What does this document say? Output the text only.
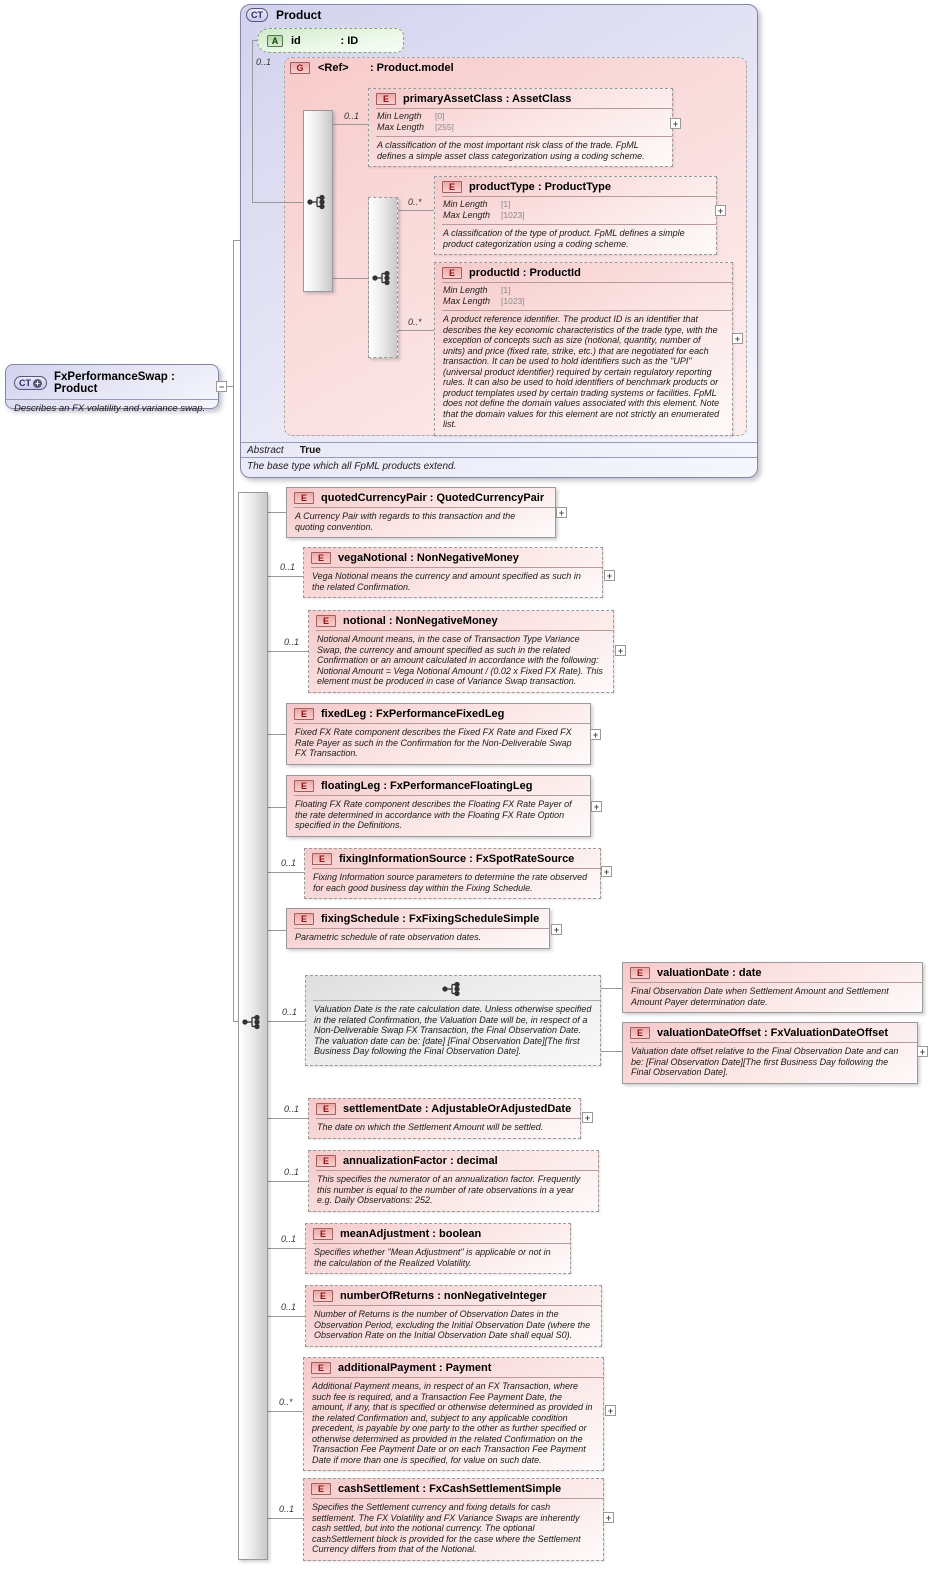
CT	Product
A	id             : ID
0..1
G	<Ref>       : Product.model
0..1
E	primaryAssetClass : AssetClass
Min Length	[0]
Max Length	[255]
A classification of the most important risk class of the trade. FpML defines a simple asset class categorization using a coding scheme.
+
0..*
E	productType : ProductType
Min Length	[1]
Max Length	[1023]
A classification of the type of product. FpML defines a simple product categorization using a coding scheme.
+
0..*
E	productId : ProductId
Min Length	[1]
Max Length	[1023]
A product reference identifier. The product ID is an identifier that describes the key economic characteristics of the trade type, with the exception of concepts such as size (notional, quantity, number of units) and price (fixed rate, strike, etc.) that are negotiated for each transaction. It can be used to hold identifiers such as the "UPI" (universal product identifier) required by certain regulatory reporting rules. It can also be used to hold identifiers of benchmark products or product templates used by certain trading systems or facilities. FpML does not define the domain values associated with this element. Note that the domain values for this element are not strictly an enumerated list.
+
Abstract True
The base type which all FpML products extend.
CT + FxPerformanceSwap : Product
Describes an FX volatility and variance swap.
−
E	quotedCurrencyPair : QuotedCurrencyPair
A Currency Pair with regards to this transaction and the quoting convention.
+
0..1
E	vegaNotional : NonNegativeMoney
Vega Notional means the currency and amount specified as such in the related Confirmation.
+
0..1
E	notional : NonNegativeMoney
Notional Amount means, in the case of Transaction Type Variance Swap, the currency and amount specified as such in the related Confirmation or an amount calculated in accordance with the following: Notional Amount = Vega Notional Amount / (0.02 x Fixed FX Rate). This element must be produced in case of Variance Swap transaction.
+
E	fixedLeg : FxPerformanceFixedLeg
Fixed FX Rate component describes the Fixed FX Rate and Fixed FX Rate Payer as such in the Confirmation for the Non-Deliverable Swap FX Transaction.
+
E	floatingLeg : FxPerformanceFloatingLeg
Floating FX Rate component describes the Floating FX Rate Payer of the rate determined in accordance with the Floating FX Rate Option specified in the Definitions.
+
0..1	E	fixingInformationSource : FxSpotRateSource
Fixing Information source parameters to determine the rate observed for each good business day within the Fixing Schedule.
+
E	fixingSchedule : FxFixingScheduleSimple
Parametric schedule of rate observation dates.
+
0..1	Valuation Date is the rate calculation date. Unless otherwise specified in the related Confirmation, the Valuation Date will be, in respect of a Non-Deliverable Swap FX Transaction, the Final Observation Date. The valuation date can be: [date] [Final Observation Date][The first Business Day following the Final Observation Date].
E	valuationDate : date
Final Observation Date when Settlement Amount and Settlement Amount Payer determination date.
E	valuationDateOffset : FxValuationDateOffset
Valuation date offset relative to the Final Observation Date and can be: [Final Observation Date][The first Business Day following the Final Observation Date].
+
0..1	E	settlementDate : AdjustableOrAdjustedDate
The date on which the Settlement Amount will be settled.
+
0..1
E	annualizationFactor : decimal
This specifies the numerator of an annualization factor. Frequently this number is equal to the number of rate observations in a year e.g. Daily Observations: 252.
0..1	E	meanAdjustment : boolean
Specifies whether "Mean Adjustment" is applicable or not in the calculation of the Realized Volatility.
0..1
E	numberOfReturns : nonNegativeInteger
Number of Returns is the number of Observation Dates in the Observation Period, excluding the Initial Observation Date (where the Observation Rate on the Initial Observation Date shall equal S0).
0..*
E	additionalPayment : Payment
Additional Payment means, in respect of an FX Transaction, where such fee is required, and a Transaction Fee Payment Date, the amount, if any, that is specified or otherwise determined as provided in the related Confirmation and, subject to any applicable condition precedent, is payable by one party to the other as further specified or otherwise determined as provided in the related Confirmation on the Transaction Fee Payment Date or on each Transaction Fee Payment Date if more than one is specified, for value on such date.
+
0..1
E	cashSettlement : FxCashSettlementSimple
Specifies the Settlement currency and fixing details for cash settlement. The FX Volatility and FX Variance Swaps are inherently cash settled, but into the notional currency. The optional cashSettlement block is provided for the case where the Settlement Currency differs from that of the Notional.
+
